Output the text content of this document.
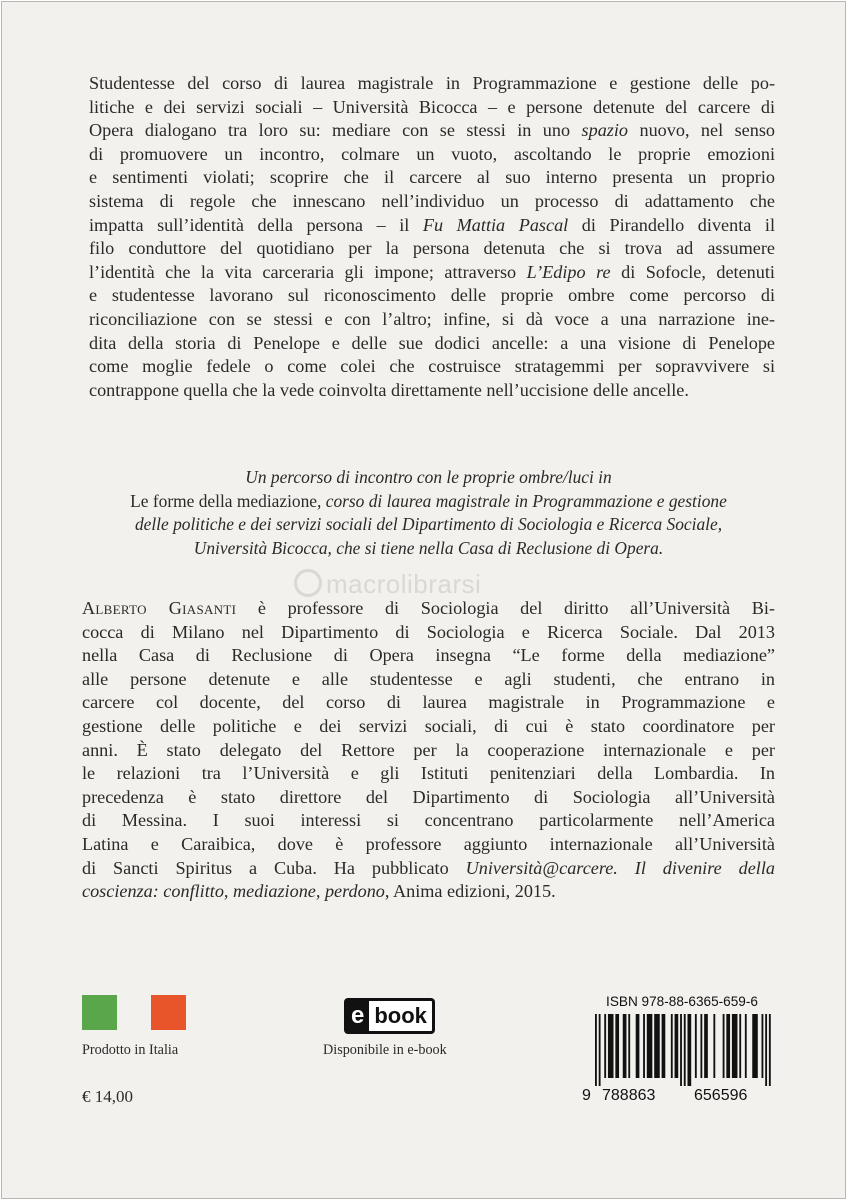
Studentesse del corso di laurea magistrale in Programmazione e gestione delle po-
litiche e dei servizi sociali – Università Bicocca – e persone detenute del carcere di
Opera dialogano tra loro su: mediare con se stessi in uno spazio nuovo, nel senso
di promuovere un incontro, colmare un vuoto, ascoltando le proprie emozioni
e sentimenti violati; scoprire che il carcere al suo interno presenta un proprio
sistema di regole che innescano nell’individuo un processo di adattamento che
impatta sull’identità della persona – il Fu Mattia Pascal di Pirandello diventa il
filo conduttore del quotidiano per la persona detenuta che si trova ad assumere
l’identità che la vita carceraria gli impone; attraverso L’Edipo re di Sofocle, detenuti
e studentesse lavorano sul riconoscimento delle proprie ombre come percorso di
riconciliazione con se stessi e con l’altro; infine, si dà voce a una narrazione ine-
dita della storia di Penelope e delle sue dodici ancelle: a una visione di Penelope
come moglie fedele o come colei che costruisce stratagemmi per sopravvivere si
contrappone quella che la vede coinvolta direttamente nell’uccisione delle ancelle.
Un percorso di incontro con le proprie ombre/luci in
Le forme della mediazione, corso di laurea magistrale in Programmazione e gestione
delle politiche e dei servizi sociali del Dipartimento di Sociologia e Ricerca Sociale,
Università Bicocca, che si tiene nella Casa di Reclusione di Opera.
macrolibrarsi
Alberto Giasanti è professore di Sociologia del diritto all’Università Bi-
cocca di Milano nel Dipartimento di Sociologia e Ricerca Sociale. Dal 2013
nella Casa di Reclusione di Opera insegna “Le forme della mediazione”
alle persone detenute e alle studentesse e agli studenti, che entrano in
carcere col docente, del corso di laurea magistrale in Programmazione e
gestione delle politiche e dei servizi sociali, di cui è stato coordinatore per
anni. È stato delegato del Rettore per la cooperazione internazionale e per
le relazioni tra l’Università e gli Istituti penitenziari della Lombardia. In
precedenza è stato direttore del Dipartimento di Sociologia all’Università
di Messina. I suoi interessi si concentrano particolarmente nell’America
Latina e Caraibica, dove è professore aggiunto internazionale all’Università
di Sancti Spiritus a Cuba. Ha pubblicato Università@carcere. Il divenire della
coscienza: conflitto, mediazione, perdono, Anima edizioni, 2015.
Prodotto in Italia
e book
Disponibile in e-book
€ 14,00
ISBN 978-88-6365-659-6
9 788863 656596
